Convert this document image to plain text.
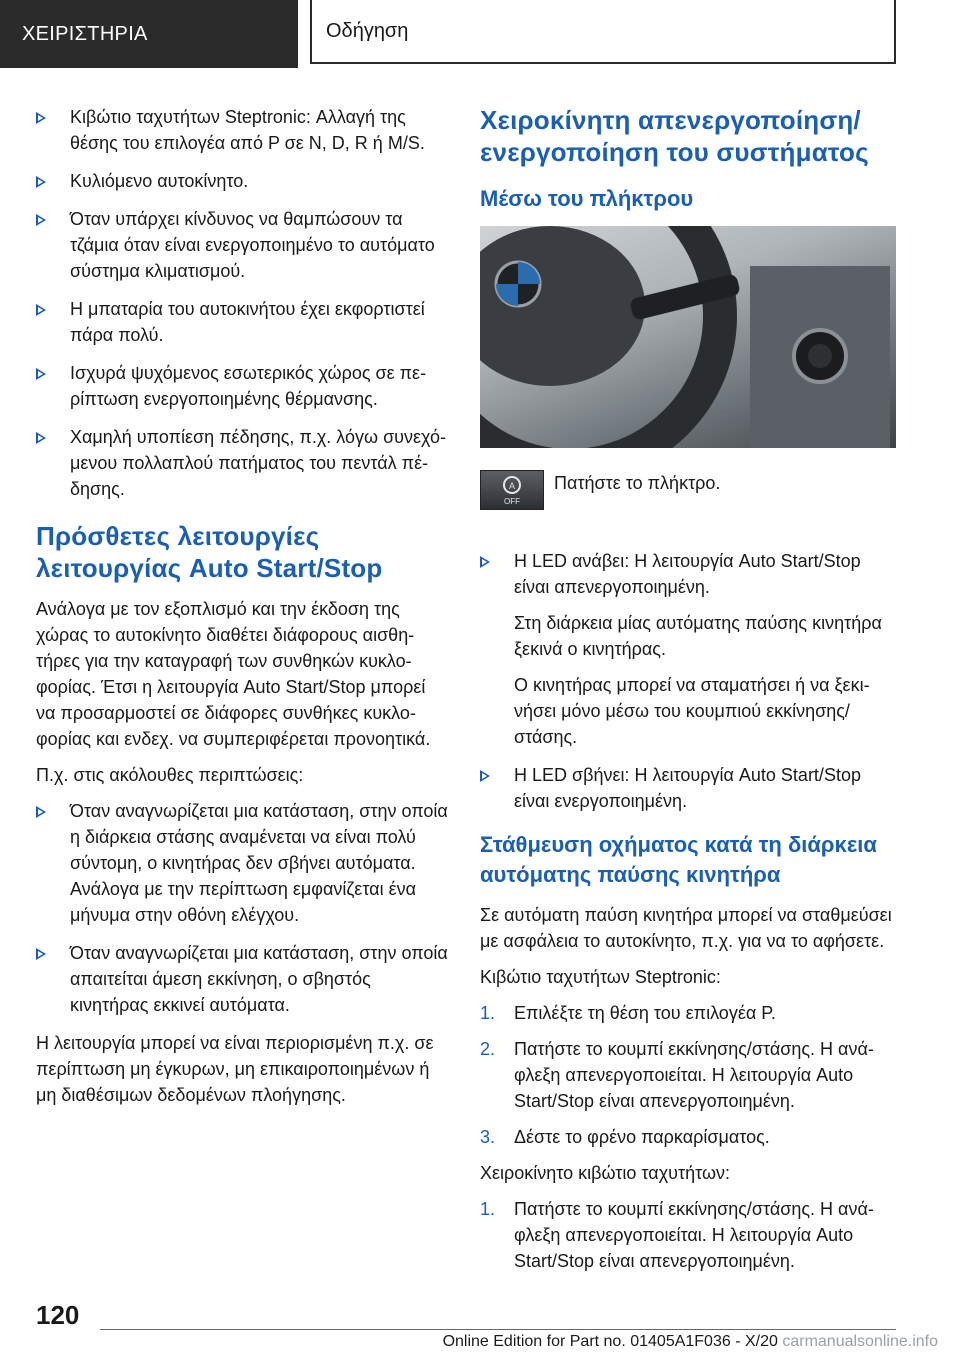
ΧΕΙΡΙΣΤΗΡΙΑ	Οδήγηση
Κιβώτιο ταχυτήτων Steptronic: Αλλαγή της θέσης του επιλογέα από P σε N, D, R ή M/S.
Κυλιόμενο αυτοκίνητο.
Όταν υπάρχει κίνδυνος να θαμπώσουν τα τζάμια όταν είναι ενεργοποιημένο το αυτόματο σύστημα κλιματισμού.
Η μπαταρία του αυτοκινήτου έχει εκφορτιστεί πάρα πολύ.
Ισχυρά ψυχόμενος εσωτερικός χώρος σε περίπτωση ενεργοποιημένης θέρμανσης.
Χαμηλή υποπίεση πέδησης, π.χ. λόγω συνεχόμενου πολλαπλού πατήματος του πεντάλ πέδησης.
Πρόσθετες λειτουργίες λειτουργίας Auto Start/Stop

Ανάλογα με τον εξοπλισμό και την έκδοση της χώρας το αυτοκίνητο διαθέτει διάφορους αισθητήρες για την καταγραφή των συνθηκών κυκλοφορίας. Έτσι η λειτουργία Auto Start/Stop μπορεί να προσαρμοστεί σε διάφορες συνθήκες κυκλοφορίας και ενδεχ. να συμπεριφέρεται προνοητικά.

Π.χ. στις ακόλουθες περιπτώσεις:

Όταν αναγνωρίζεται μια κατάσταση, στην οποία η διάρκεια στάσης αναμένεται να είναι πολύ σύντομη, ο κινητήρας δεν σβήνει αυτόματα. Ανάλογα με την περίπτωση εμφανίζεται ένα μήνυμα στην οθόνη ελέγχου.
Όταν αναγνωρίζεται μια κατάσταση, στην οποία απαιτείται άμεση εκκίνηση, ο σβηστός κινητήρας εκκινεί αυτόματα.

Η λειτουργία μπορεί να είναι περιορισμένη π.χ. σε περίπτωση μη έγκυρων, μη επικαιροποιημένων ή μη διαθέσιμων δεδομένων πλοήγησης.

Χειροκίνητη απενεργοποίηση/ ενεργοποίηση του συστήματος
Μέσω του πλήκτρου
A
OFF
Πατήστε το πλήκτρο.
Η LED ανάβει: Η λειτουργία Auto Start/Stop είναι απενεργοποιημένη.
Στη διάρκεια μίας αυτόματης παύσης κινητήρα ξεκινά ο κινητήρας.
Ο κινητήρας μπορεί να σταματήσει ή να ξεκινήσει μόνο μέσω του κουμπιού εκκίνησης/ στάσης.
Η LED σβήνει: Η λειτουργία Auto Start/Stop είναι ενεργοποιημένη.
Στάθμευση οχήματος κατά τη διάρκεια αυτόματης παύσης κινητήρα

Σε αυτόματη παύση κινητήρα μπορεί να σταθμεύσει με ασφάλεια το αυτοκίνητο, π.χ. για να το αφήσετε.

Κιβώτιο ταχυτήτων Steptronic:

1. Επιλέξτε τη θέση του επιλογέα P.
2. Πατήστε το κουμπί εκκίνησης/στάσης. Η ανάφλεξη απενεργοποιείται. Η λειτουργία Auto Start/Stop είναι απενεργοποιημένη.
3. Δέστε το φρένο παρκαρίσματος.

Χειροκίνητο κιβώτιο ταχυτήτων:

1. Πατήστε το κουμπί εκκίνησης/στάσης. Η ανάφλεξη απενεργοποιείται. Η λειτουργία Auto Start/Stop είναι απενεργοποιημένη.
120
Online Edition for Part no. 01405A1F036 - X/20 carmanualsonline.info
